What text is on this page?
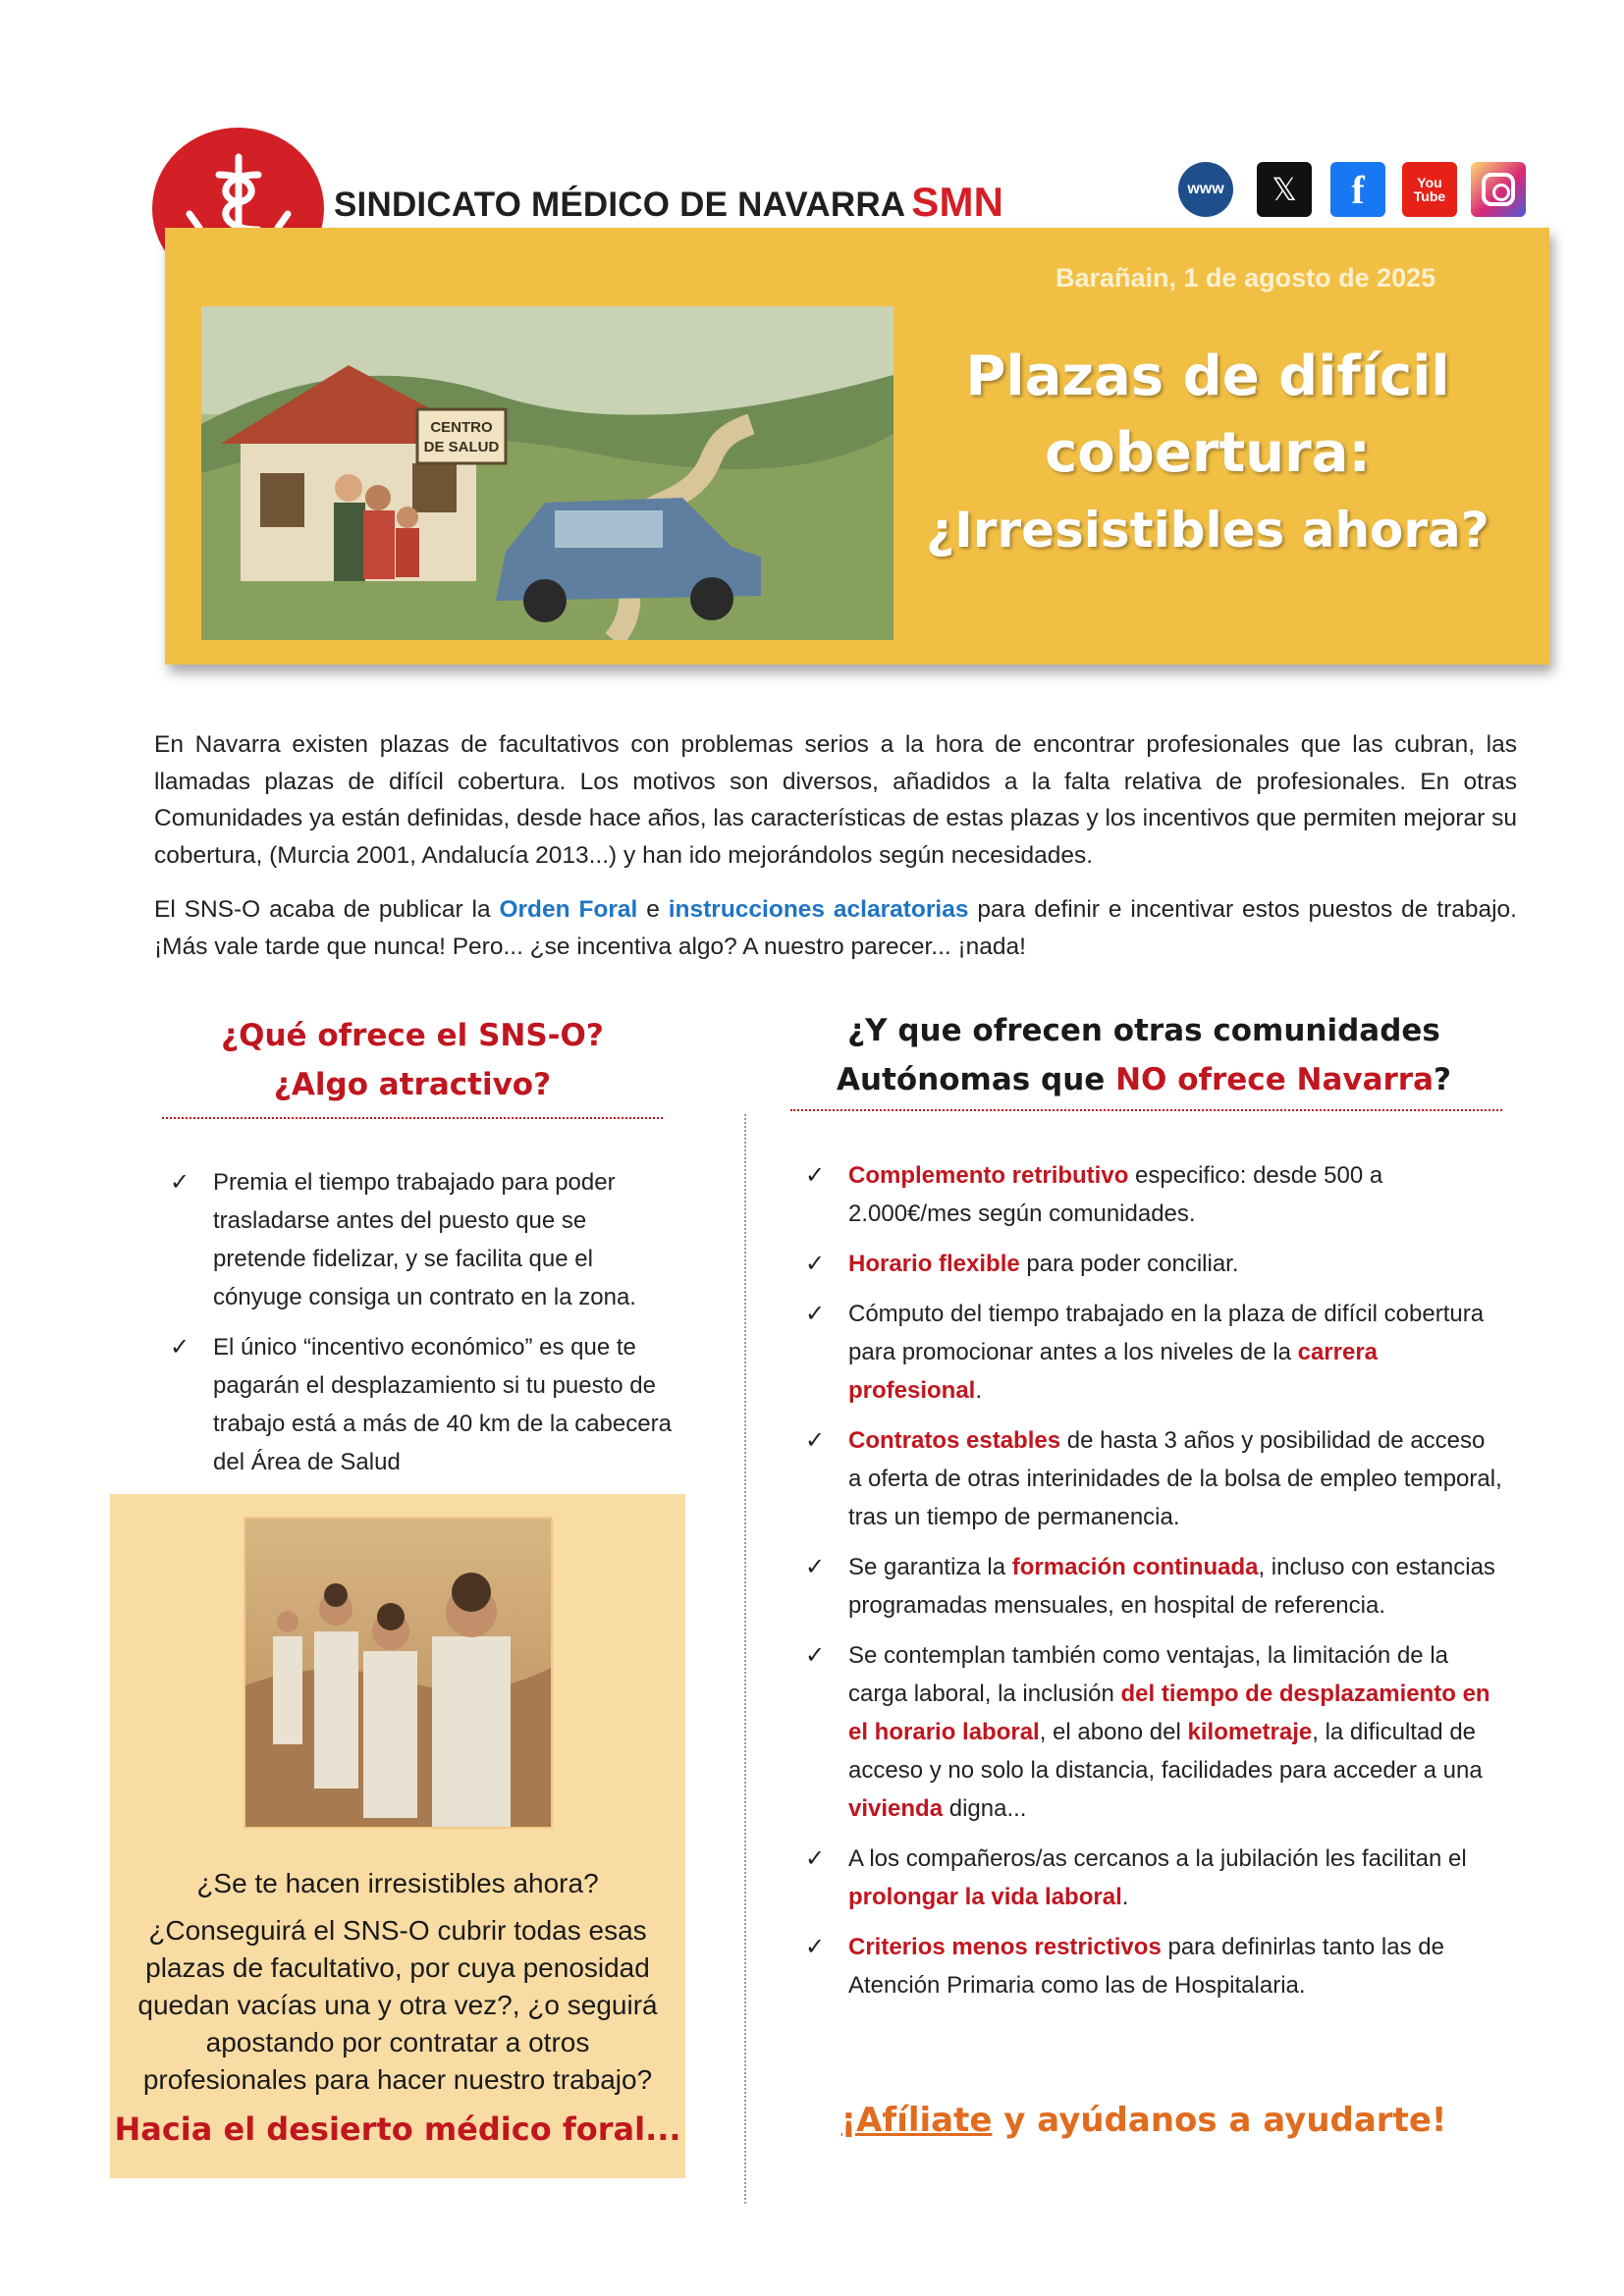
SINDICATO MÉDICO DE NAVARRA SMN	www 𝕏 f	You Tube
Barañain, 1 de agosto de 2025
CENTRO
DE SALUD
Plazas de difícil
cobertura:
¿Irresistibles ahora?

En Navarra existen plazas de facultativos con problemas serios a la hora de encontrar profesionales que las cubran, las llamadas plazas de difícil cobertura. Los motivos son diversos, añadidos a la falta relativa de profesionales. En otras Comunidades ya están definidas, desde hace años, las características de estas plazas y los incentivos que permiten mejorar su cobertura, (Murcia 2001, Andalucía 2013...) y han ido mejorándolos según necesidades.

El SNS-O acaba de publicar la Orden Foral e instrucciones aclaratorias para definir e incentivar estos puestos de trabajo. ¡Más vale tarde que nunca! Pero... ¿se incentiva algo? A nuestro parecer... ¡nada!

¿Qué ofrece el SNS-O?
¿Algo atractivo?
¿Y que ofrecen otras comunidades
Autónomas que NO ofrece Navarra?
✓ Premia el tiempo trabajado para poder trasladarse antes del puesto que se pretende fidelizar, y se facilita que el cónyuge consiga un contrato en la zona.
✓ El único “incentivo económico” es que te pagarán el desplazamiento si tu puesto de trabajo está a más de 40 km de la cabecera del Área de Salud
¿Se te hacen irresistibles ahora?
¿Conseguirá el SNS-O cubrir todas esas plazas de facultativo, por cuya penosidad quedan vacías una y otra vez?, ¿o seguirá apostando por contratar a otros profesionales para hacer nuestro trabajo?
Hacia el desierto médico foral...
✓ Complemento retributivo especifico: desde 500 a 2.000€/mes según comunidades.
✓ Horario flexible para poder conciliar.
✓ Cómputo del tiempo trabajado en la plaza de difícil cobertura para promocionar antes a los niveles de la carrera profesional.
✓ Contratos estables de hasta 3 años y posibilidad de acceso a oferta de otras interinidades de la bolsa de empleo temporal, tras un tiempo de permanencia.
✓ Se garantiza la formación continuada, incluso con estancias programadas mensuales, en hospital de referencia.
✓ Se contemplan también como ventajas, la limitación de la carga laboral, la inclusión del tiempo de desplazamiento en el horario laboral, el abono del kilometraje, la dificultad de acceso y no solo la distancia, facilidades para acceder a una vivienda digna...
✓ A los compañeros/as cercanos a la jubilación les facilitan el prolongar la vida laboral.
✓ Criterios menos restrictivos para definirlas tanto las de Atención Primaria como las de Hospitalaria.
¡Afíliate y ayúdanos a ayudarte!
